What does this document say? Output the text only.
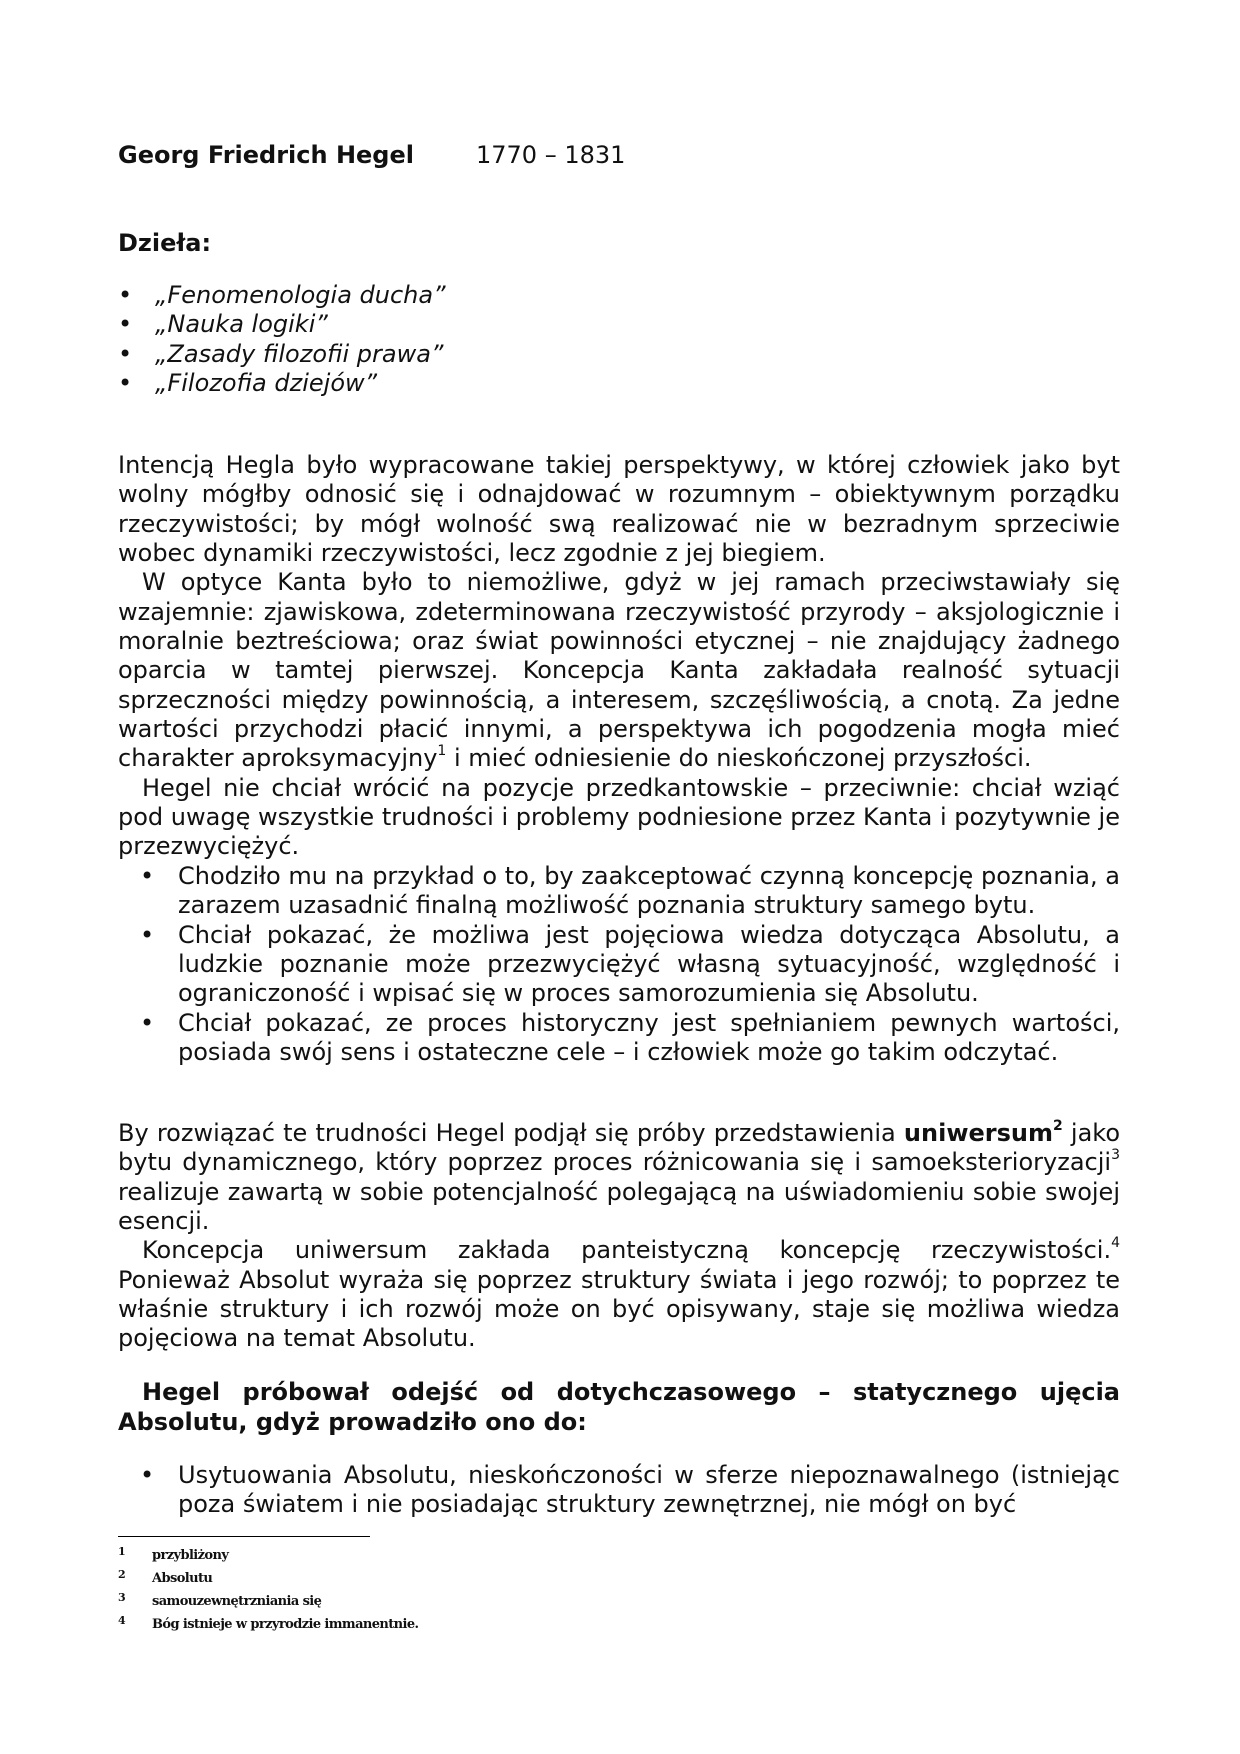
Georg Friedrich Hegel	1770 – 1831
Dzieła:
• „Fenomenologia ducha”
• „Nauka logiki”
• „Zasady filozofii prawa”
• „Filozofia dziejów”

Intencją Hegla było wypracowane takiej perspektywy, w której człowiek jako byt wolny mógłby odnosić się i odnajdować w rozumnym – obiektywnym porządku rzeczywistości; by mógł wolność swą realizować nie w bezradnym sprzeciwie wobec dynamiki rzeczywistości, lecz zgodnie z jej biegiem.

W optyce Kanta było to niemożliwe, gdyż w jej ramach przeciwstawiały się wzajemnie: zjawiskowa, zdeterminowana rzeczywistość przyrody – aksjologicznie i moralnie beztreściowa; oraz świat powinności etycznej – nie znajdujący żadnego oparcia w tamtej pierwszej. Koncepcja Kanta zakładała realność sytuacji sprzeczności między powinnością, a interesem, szczęśliwością, a cnotą. Za jedne wartości przychodzi płacić innymi, a perspektywa ich pogodzenia mogła mieć charakter aproksymacyjny$^1$ i mieć odniesienie do nieskończonej przyszłości.

Hegel nie chciał wrócić na pozycje przedkantowskie – przeciwnie: chciał wziąć pod uwagę wszystkie trudności i problemy podniesione przez Kanta i pozytywnie je przezwyciężyć.

• Chodziło mu na przykład o to, by zaakceptować czynną koncepcję poznania, a zarazem uzasadnić finalną możliwość poznania struktury samego bytu.
• Chciał pokazać, że możliwa jest pojęciowa wiedza dotycząca Absolutu, a ludzkie poznanie może przezwyciężyć własną sytuacyjność, względność i ograniczoność i wpisać się w proces samorozumienia się Absolutu.
• Chciał pokazać, ze proces historyczny jest spełnianiem pewnych wartości, posiada swój sens i ostateczne cele – i człowiek może go takim odczytać.

By rozwiązać te trudności Hegel podjął się próby przedstawienia uniwersum$^2$ jako bytu dynamicznego, który poprzez proces różnicowania się i samoeksterioryzacji$^3$ realizuje zawartą w sobie potencjalność polegającą na uświadomieniu sobie swojej esencji.

Koncepcja uniwersum zakłada panteistyczną koncepcję rzeczywistości.$^4$ Ponieważ Absolut wyraża się poprzez struktury świata i jego rozwój; to poprzez te właśnie struktury i ich rozwój może on być opisywany, staje się możliwa wiedza pojęciowa na temat Absolutu.

Hegel próbował odejść od dotychczasowego – statycznego ujęcia Absolutu, gdyż prowadziło ono do:
• Usytuowania Absolutu, nieskończoności w sferze niepoznawalnego (istniejąc poza światem i nie posiadając struktury zewnętrznej, nie mógł on być
1 przybliżony
2 Absolutu
3 samouzewnętrzniania się
4 Bóg istnieje w przyrodzie immanentnie.
